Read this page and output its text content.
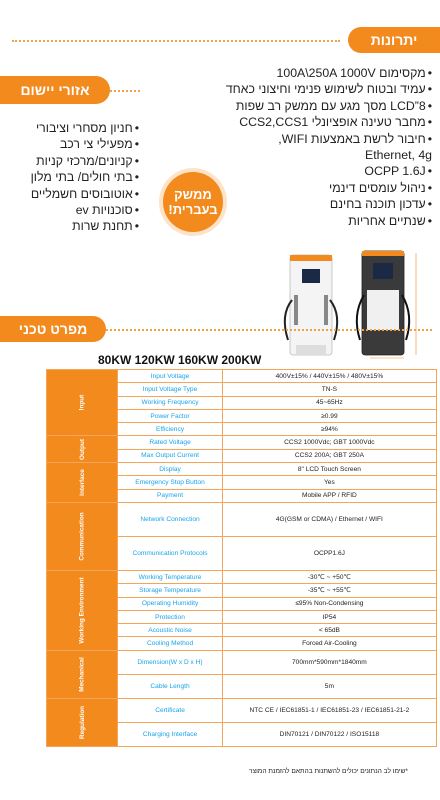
יתרונות
• מקסימום 100A\250A 1000V
• עמיד ובטוח לשימוש פנימי וחיצוני כאחד
• LCD”8 מסך מגע עם ממשק רב שפות
• מחבר טעינה אופציונלי CCS2,CCS1
• חיבור לרשת באמצעות WIFI,
Ethernet, 4g
• OCPP 1.6J
• ניהול עומסים דינמי
• עדכון תוכנה בחינם
• שנתיים אחריות
אזורי יישום
• חניון מסחרי וציבורי
• מפעילי צי רכב
• קניונים/מרכזי קניות
• בתי חולים/ בתי מלון
• אוטובוסים חשמליים
• סוכנויות ev
• תחנת שרות
ממשק
בעברית!
מפרט טכני
80KW 120KW 160KW 200KW
Input	Input Voltage	400V±15% / 440V±15% / 480V±15%
	Input Voltage Type	TN-S
	Working Frequency	45~65Hz
	Power Factor	≥0.99
	Efficiency	≥94%
Output	Rated Voltage	CCS2 1000Vdc; GBT 1000Vdc
	Max Output Current	CCS2 200A; GBT 250A
Interface	Display	8" LCD Touch Screen
	Emergency Stop Button	Yes
	Payment	Mobile APP / RFID
Communication	Network Connection	4G(GSM or CDMA) / Ethernet / WIFI
	Communication Protocols	OCPP1.6J
Working Environment	Working Temperature	-30℃ ~ +50℃
	Storage Temperature	-35℃ ~ +55℃
	Operating Humidity	≤95% Non-Condensing
	Protection	IP54
	Acoustic Noise	< 65dB
	Cooling Method	Forced Air-Cooling
Mechanical	Dimension(W x D x H)	700mm*590mm*1840mm
	Cable Length	5m
Regulation	Certificate	NTC CE / IEC61851-1 / IEC61851-23 / IEC61851-21-2
	Charging Interface	DIN70121 / DIN70122 / ISO15118
*שימו לב הנתונים יכולים להשתנות בהתאם להזמנת המוצר
